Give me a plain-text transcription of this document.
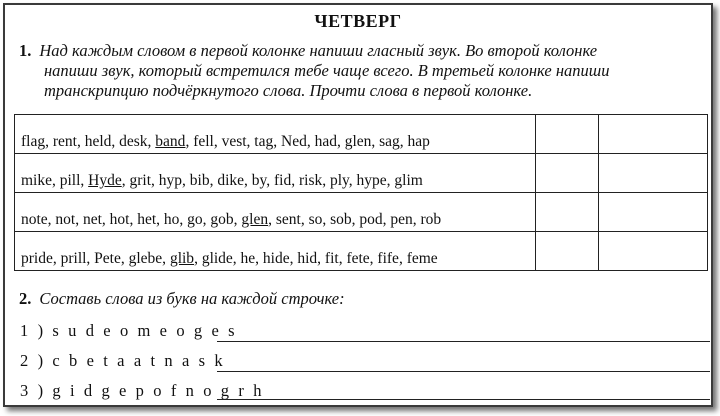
ЧЕТВЕРГ
1. Над каждым словом в первой колонке напиши гласный звук. Во второй колонке
напиши звук, который встретился тебе чаще всего. В третьей колонке напиши
транскрипцию подчёркнутого слова. Прочти слова в первой колонке.
flag, rent, held, desk, band, fell, vest, tag, Ned, had, glen, sag, hap		
mike, pill, Hyde, grit, hyp, bib, dike, by, fid, risk, ply, hype, glim		
note, not, net, hot, het, ho, go, gob, glen, sent, so, sob, pod, pen, rob		
pride, prill, Pete, glebe, glib, glide, he, hide, hid, fit, fete, fife, feme		
2. Составь слова из букв на каждой строчке:
1 ) s u d e o m e o g e s
2 ) c b e t a a t n a s k
3 ) g i d g e p o f n o g r h
